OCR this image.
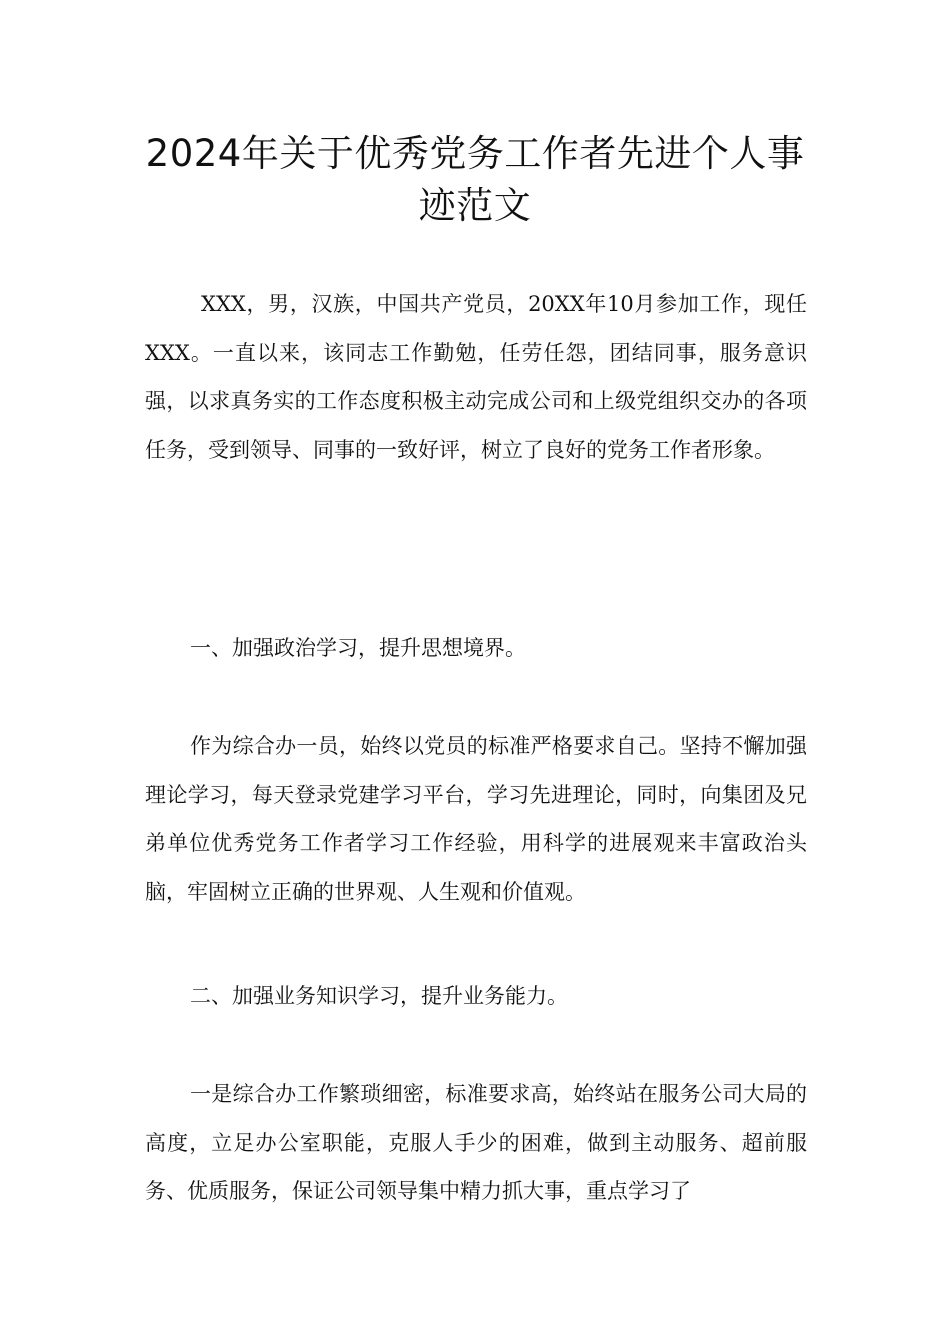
2024年关于优秀党务工作者先进个人事迹范文
XXX，男，汉族，中国共产党员，20XX年10月参加工作，现任XXX。一直以来，该同志工作勤勉，任劳任怨，团结同事，服务意识强，以求真务实的工作态度积极主动完成公司和上级党组织交办的各项任务，受到领导、同事的一致好评，树立了良好的党务工作者形象。
一、加强政治学习，提升思想境界。
作为综合办一员，始终以党员的标准严格要求自己。坚持不懈加强理论学习，每天登录党建学习平台，学习先进理论，同时，向集团及兄弟单位优秀党务工作者学习工作经验，用科学的进展观来丰富政治头脑，牢固树立正确的世界观、人生观和价值观。
二、加强业务知识学习，提升业务能力。
一是综合办工作繁琐细密，标准要求高，始终站在服务公司大局的高度，立足办公室职能，克服人手少的困难，做到主动服务、超前服务、优质服务，保证公司领导集中精力抓大事，重点学习了
